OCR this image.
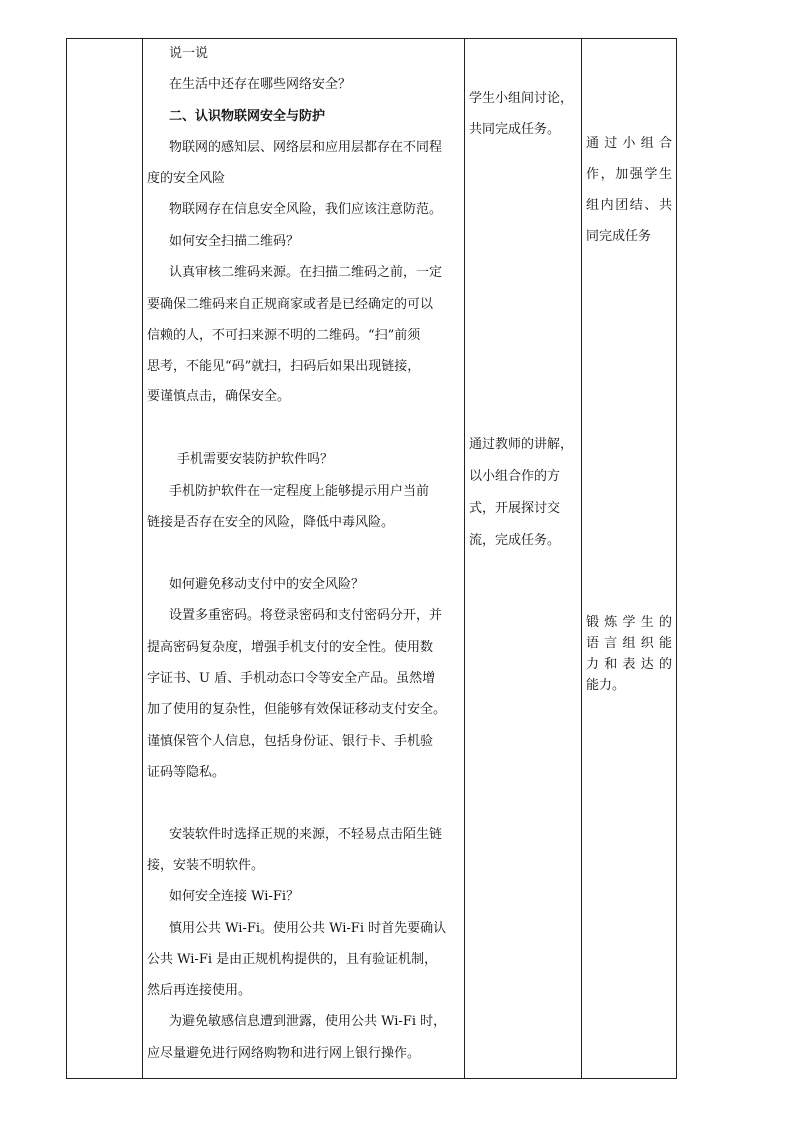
说一说
在生活中还存在哪些网络安全？
二、认识物联网安全与防护
物联网的感知层、网络层和应用层都存在不同程
度的安全风险
物联网存在信息安全风险，我们应该注意防范。
如何安全扫描二维码？
认真审核二维码来源。在扫描二维码之前，一定
要确保二维码来自正规商家或者是已经确定的可以
信赖的人，不可扫来源不明的二维码。“扫”前须
思考，不能见“码”就扫，扫码后如果出现链接，
要谨慎点击，确保安全。
手机需要安装防护软件吗？
手机防护软件在一定程度上能够提示用户当前
链接是否存在安全的风险，降低中毒风险。
如何避免移动支付中的安全风险？
设置多重密码。将登录密码和支付密码分开，并
提高密码复杂度，增强手机支付的安全性。使用数
字证书、U 盾、手机动态口令等安全产品。虽然增
加了使用的复杂性，但能够有效保证移动支付安全。
谨慎保管个人信息，包括身份证、银行卡、手机验
证码等隐私。
安装软件时选择正规的来源，不轻易点击陌生链
接，安装不明软件。
如何安全连接 Wi-Fi？
慎用公共 Wi-Fi。使用公共 Wi-Fi 时首先要确认
公共 Wi-Fi 是由正规机构提供的，且有验证机制，
然后再连接使用。
为避免敏感信息遭到泄露，使用公共 Wi-Fi 时，
应尽量避免进行网络购物和进行网上银行操作。
学生小组间讨论，
共同完成任务。
通过教师的讲解，
以小组合作的方
式，开展探讨交
流，完成任务。
通过小组合
作，加强学生
组内团结、共
同完成任务
锻炼学生的
语言组织能
力和表达的
能力。
